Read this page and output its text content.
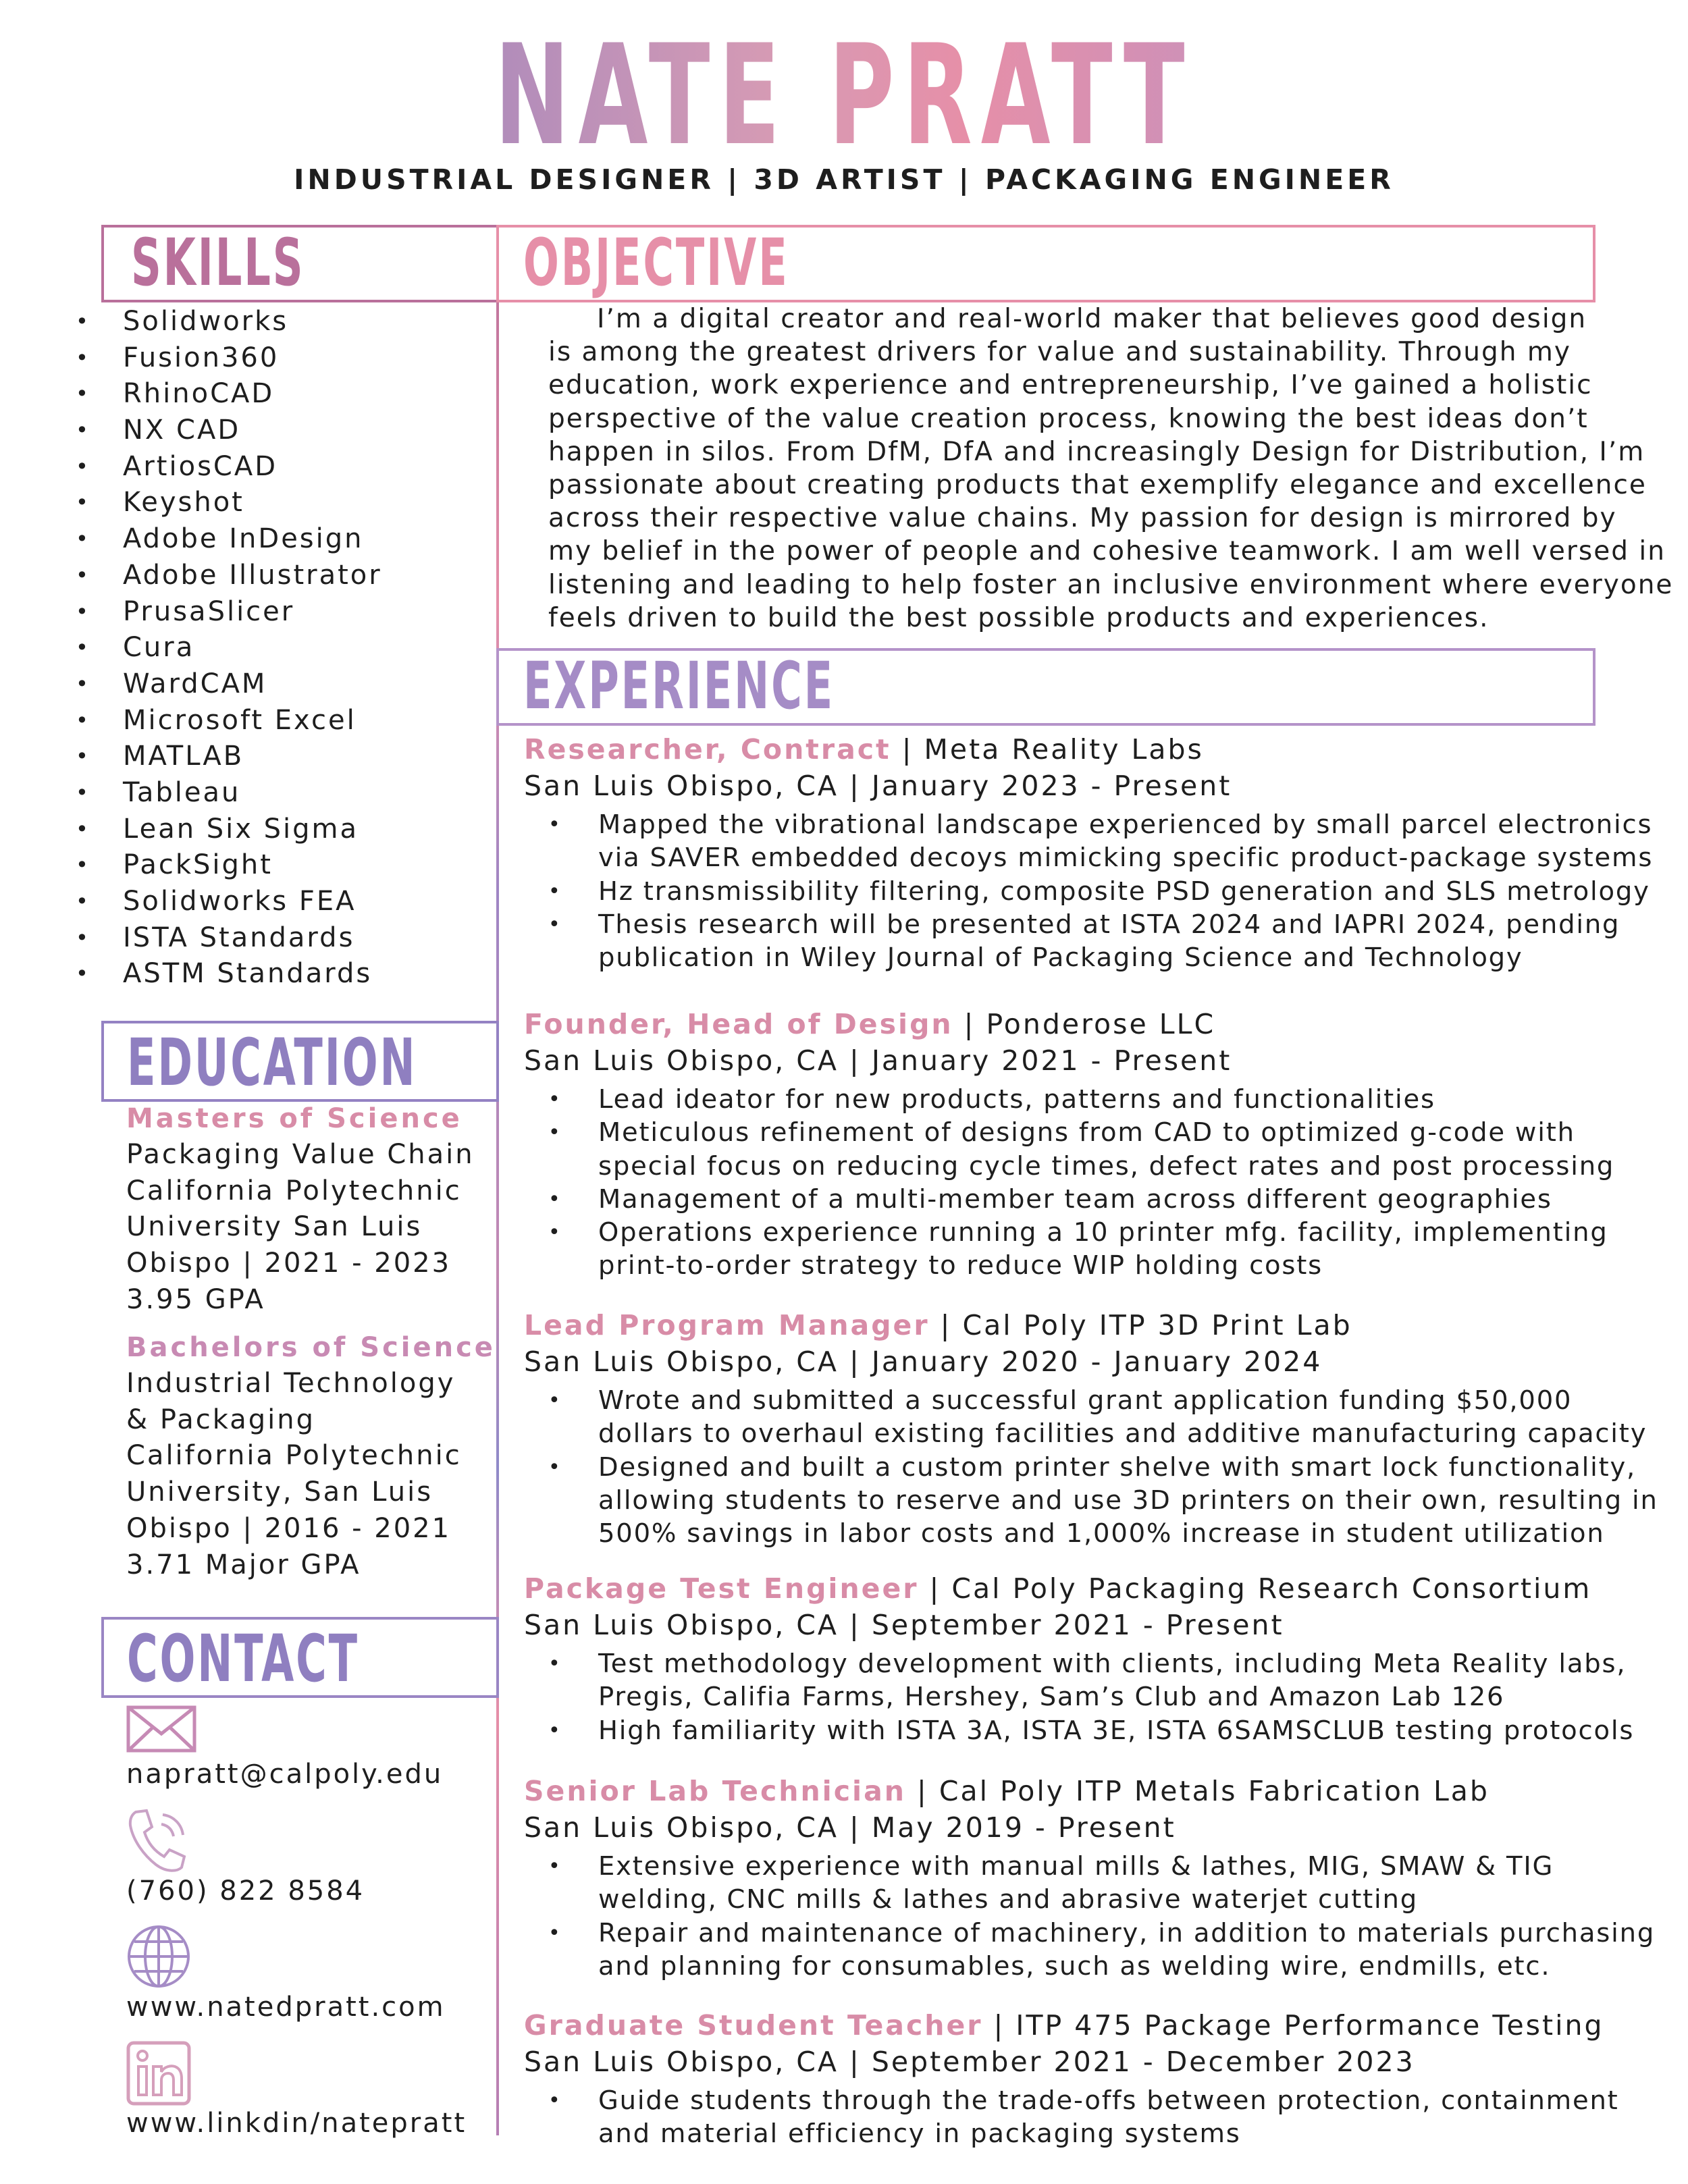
NATE PRATT
INDUSTRIAL DESIGNER | 3D ARTIST | PACKAGING ENGINEER
SKILLS
• Solidworks
• Fusion360
• RhinoCAD
• NX CAD
• ArtiosCAD
• Keyshot
• Adobe InDesign
• Adobe Illustrator
• PrusaSlicer
• Cura
• WardCAM
• Microsoft Excel
• MATLAB
• Tableau
• Lean Six Sigma
• PackSight
• Solidworks FEA
• ISTA Standards
• ASTM Standards
EDUCATION
Masters of Science
Packaging Value Chain
California Polytechnic
University San Luis
Obispo | 2021 - 2023
3.95 GPA
Bachelors of Science
Industrial Technology
& Packaging
California Polytechnic
University, San Luis
Obispo | 2016 - 2021
3.71 Major GPA
CONTACT
napratt@calpoly.edu
(760) 822 8584
www.natedpratt.com
www.linkdin/natepratt
OBJECTIVE

I’m a digital creator and real-world maker that believes good design
is among the greatest drivers for value and sustainability. Through my
education, work experience and entrepreneurship, I’ve gained a holistic
perspective of the value creation process, knowing the best ideas don’t
happen in silos. From DfM, DfA and increasingly Design for Distribution, I’m
passionate about creating products that exemplify elegance and excellence
across their respective value chains. My passion for design is mirrored by
my belief in the power of people and cohesive teamwork. I am well versed in
listening and leading to help foster an inclusive environment where everyone
feels driven to build the best possible products and experiences.

EXPERIENCE
Researcher, Contract | Meta Reality Labs
San Luis Obispo, CA | January 2023 - Present
• Mapped the vibrational landscape experienced by small parcel electronics
via SAVER embedded decoys mimicking specific product-package systems
• Hz transmissibility filtering, composite PSD generation and SLS metrology
• Thesis research will be presented at ISTA 2024 and IAPRI 2024, pending
publication in Wiley Journal of Packaging Science and Technology
Founder, Head of Design | Ponderose LLC
San Luis Obispo, CA | January 2021 - Present
• Lead ideator for new products, patterns and functionalities
• Meticulous refinement of designs from CAD to optimized g-code with
special focus on reducing cycle times, defect rates and post processing
• Management of a multi-member team across different geographies
• Operations experience running a 10 printer mfg. facility, implementing
print-to-order strategy to reduce WIP holding costs
Lead Program Manager | Cal Poly ITP 3D Print Lab
San Luis Obispo, CA | January 2020 - January 2024
• Wrote and submitted a successful grant application funding $50,000
dollars to overhaul existing facilities and additive manufacturing capacity
• Designed and built a custom printer shelve with smart lock functionality,
allowing students to reserve and use 3D printers on their own, resulting in
500% savings in labor costs and 1,000% increase in student utilization
Package Test Engineer | Cal Poly Packaging Research Consortium
San Luis Obispo, CA | September 2021 - Present
• Test methodology development with clients, including Meta Reality labs,
Pregis, Califia Farms, Hershey, Sam’s Club and Amazon Lab 126
• High familiarity with ISTA 3A, ISTA 3E, ISTA 6SAMSCLUB testing protocols
Senior Lab Technician | Cal Poly ITP Metals Fabrication Lab
San Luis Obispo, CA | May 2019 - Present
• Extensive experience with manual mills & lathes, MIG, SMAW & TIG
welding, CNC mills & lathes and abrasive waterjet cutting
• Repair and maintenance of machinery, in addition to materials purchasing
and planning for consumables, such as welding wire, endmills, etc.
Graduate Student Teacher | ITP 475 Package Performance Testing
San Luis Obispo, CA | September 2021 - December 2023
• Guide students through the trade-offs between protection, containment
and material efficiency in packaging systems
